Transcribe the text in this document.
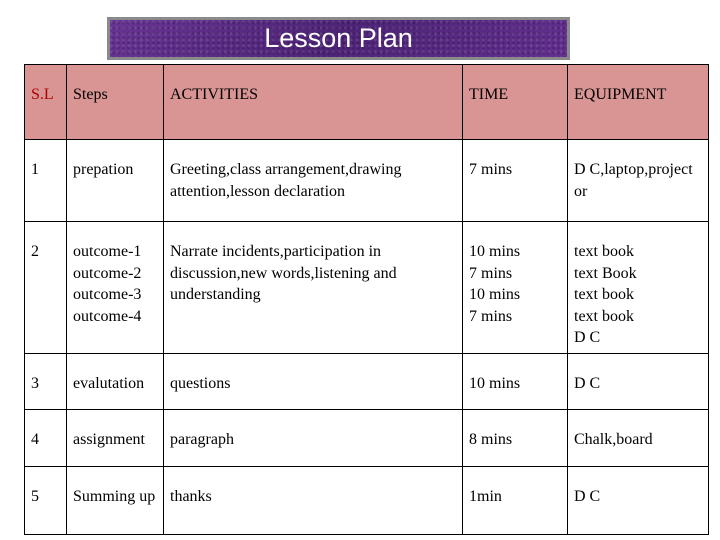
Lesson Plan
S.L	Steps	ACTIVITIES	TIME	EQUIPMENT
1	prepation	Greeting,class arrangement,drawing attention,lesson declaration	7 mins	D C,laptop,project or
2	outcome-1
outcome-2
outcome-3
outcome-4	Narrate incidents,participation in discussion,new words,listening and understanding	10 mins
7 mins
10 mins
7 mins	text book
text Book
text book
text book
D C
3	evalutation	questions	10 mins	D C
4	assignment	paragraph	8 mins	Chalk,board
5	Summing up	thanks	1min	D C
